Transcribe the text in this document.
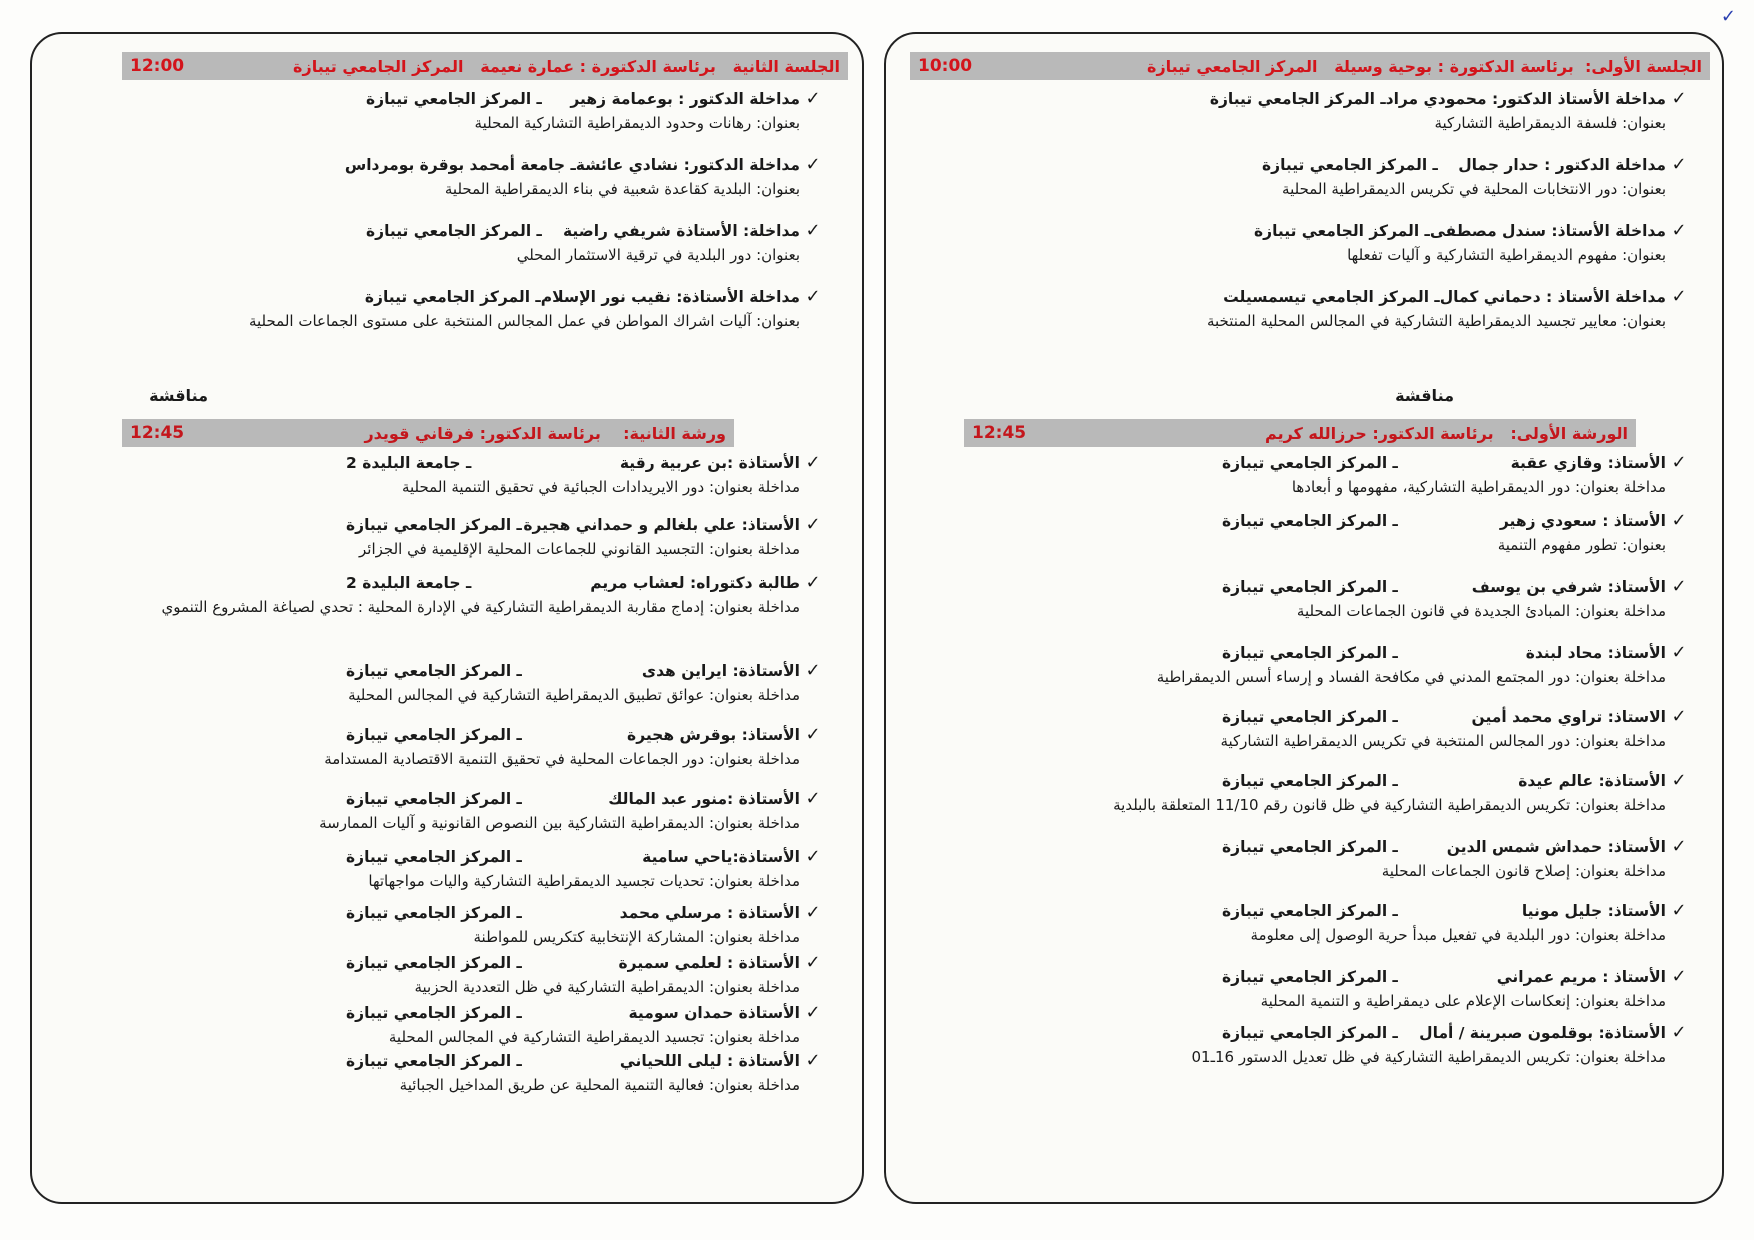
✓
الجلسة الأولى:  برئاسة الدكتورة : بوحية وسيلة   المركز الجامعي تيبازة
10:00
✓
مداخلة الأستاذ الدكتور: محمودي مراد
ـ المركز الجامعي تيبازة
بعنوان: فلسفة الديمقراطية التشاركية
✓
مداخلة الدكتور : حدار جمال
ـ المركز الجامعي تيبازة
بعنوان: دور الانتخابات المحلية في تكريس الديمقراطية المحلية
✓
مداخلة الأستاذ: سندل مصطفى
ـ المركز الجامعي تيبازة
بعنوان: مفهوم الديمقراطية التشاركية و آليات تفعلها
✓
مداخلة الأستاذ : دحماني كمال
ـ المركز الجامعي تيسمسيلت
بعنوان: معايير تجسيد الديمقراطية التشاركية في المجالس المحلية المنتخبة
مناقشة
الورشة الأولى:   برئاسة الدكتور: حرزالله كريم
12:45
✓
الأستاذ: وقازي عقبة
ـ المركز الجامعي تيبازة
مداخلة بعنوان: دور الديمقراطية التشاركية، مفهومها و أبعادها
✓
الأستاذ : سعودي زهير
ـ المركز الجامعي تيبازة
بعنوان: تطور مفهوم التنمية
✓
الأستاذ: شرفي بن يوسف
ـ المركز الجامعي تيبازة
مداخلة بعنوان: المبادئ الجديدة في قانون الجماعات المحلية
✓
الأستاذ: محاد لبندة
ـ المركز الجامعي تيبازة
مداخلة بعنوان: دور المجتمع المدني في مكافحة الفساد و إرساء أسس الديمقراطية
✓
الاستاذ: تراوي محمد أمين
ـ المركز الجامعي تيبازة
مداخلة بعنوان: دور المجالس المنتخبة في تكريس الديمقراطية التشاركية
✓
الأستاذة: عالم عيدة
ـ المركز الجامعي تيبازة
مداخلة بعنوان: تكريس الديمقراطية التشاركية في ظل قانون رقم 11/10 المتعلقة بالبلدية
✓
الأستاذ: حمداش شمس الدين
ـ المركز الجامعي تيبازة
مداخلة بعنوان: إصلاح قانون الجماعات المحلية
✓
الأستاذ: جليل مونيا
ـ المركز الجامعي تيبازة
مداخلة بعنوان: دور البلدية في تفعيل مبدأ حرية الوصول إلى معلومة
✓
الأستاذ : مريم عمراني
ـ المركز الجامعي تيبازة
مداخلة بعنوان: إنعكاسات الإعلام على ديمقراطية و التنمية المحلية
✓
الأستاذة: بوقلمون صبرينة / أمال
ـ المركز الجامعي تيبازة
مداخلة بعنوان: تكريس الديمقراطية التشاركية في ظل تعديل الدستور 16ـ01
الجلسة الثانية   برئاسة الدكتورة : عمارة نعيمة   المركز الجامعي تيبازة
12:00
✓
مداخلة الدكتور : بوعمامة زهير
ـ المركز الجامعي تيبازة
بعنوان: رهانات وحدود الديمقراطية التشاركية المحلية
✓
مداخلة الدكتور: نشادي عائشة
ـ جامعة أمحمد بوقرة بومرداس
بعنوان: البلدية كقاعدة شعبية في بناء الديمقراطية المحلية
✓
مداخلة: الأستاذة شريفي راضية
ـ المركز الجامعي تيبازة
بعنوان: دور البلدية في ترقية الاستثمار المحلي
✓
مداخلة الأستاذة: نقيب نور الإسلام
ـ المركز الجامعي تيبازة
بعنوان: آليات اشراك المواطن في عمل المجالس المنتخبة على مستوى الجماعات المحلية
مناقشة
ورشة الثانية:    برئاسة الدكتور: فرقاني قويدر
12:45
✓
الأستاذة :بن عربية رقية
ـ جامعة البليدة 2
مداخلة بعنوان: دور الايريدادات الجبائية في تحقيق التنمية المحلية
✓
الأستاذ: علي بلغالم و حمداني هجيرة
ـ المركز الجامعي تيبازة
مداخلة بعنوان: التجسيد القانوني للجماعات المحلية الإقليمية في الجزائر
✓
طالبة دكتوراه: لعشاب مريم
ـ جامعة البليدة 2
مداخلة بعنوان: إدماج مقاربة الديمقراطية التشاركية في الإدارة المحلية : تحدي لصياغة المشروع التنموي
✓
الأستاذة: ايراين هدى
ـ المركز الجامعي تيبازة
مداخلة بعنوان: عوائق تطبيق الديمقراطية التشاركية في المجالس المحلية
✓
الأستاذ: بوقرش هجيرة
ـ المركز الجامعي تيبازة
مداخلة بعنوان: دور الجماعات المحلية في تحقيق التنمية الاقتصادية المستدامة
✓
الأستاذة :منور عبد المالك
ـ المركز الجامعي تيبازة
مداخلة بعنوان: الديمقراطية التشاركية بين النصوص القانونية و آليات الممارسة
✓
الأستاذة:ياحي سامية
ـ المركز الجامعي تيبازة
مداخلة بعنوان: تحديات تجسيد الديمقراطية التشاركية واليات مواجهاتها
✓
الأستاذة : مرسلي محمد
ـ المركز الجامعي تيبازة
مداخلة بعنوان: المشاركة الإنتخابية كتكريس للمواطنة
✓
الأستاذة : لعلمي سميرة
ـ المركز الجامعي تيبازة
مداخلة بعنوان: الديمقراطية التشاركية في ظل التعددية الحزبية
✓
الأستاذة حمدان سومية
ـ المركز الجامعي تيبازة
مداخلة بعنوان: تجسيد الديمقراطية التشاركية في المجالس المحلية
✓
الأستاذة : ليلى اللحياني
ـ المركز الجامعي تيبازة
مداخلة بعنوان: فعالية التنمية المحلية عن طريق المداخيل الجبائية
